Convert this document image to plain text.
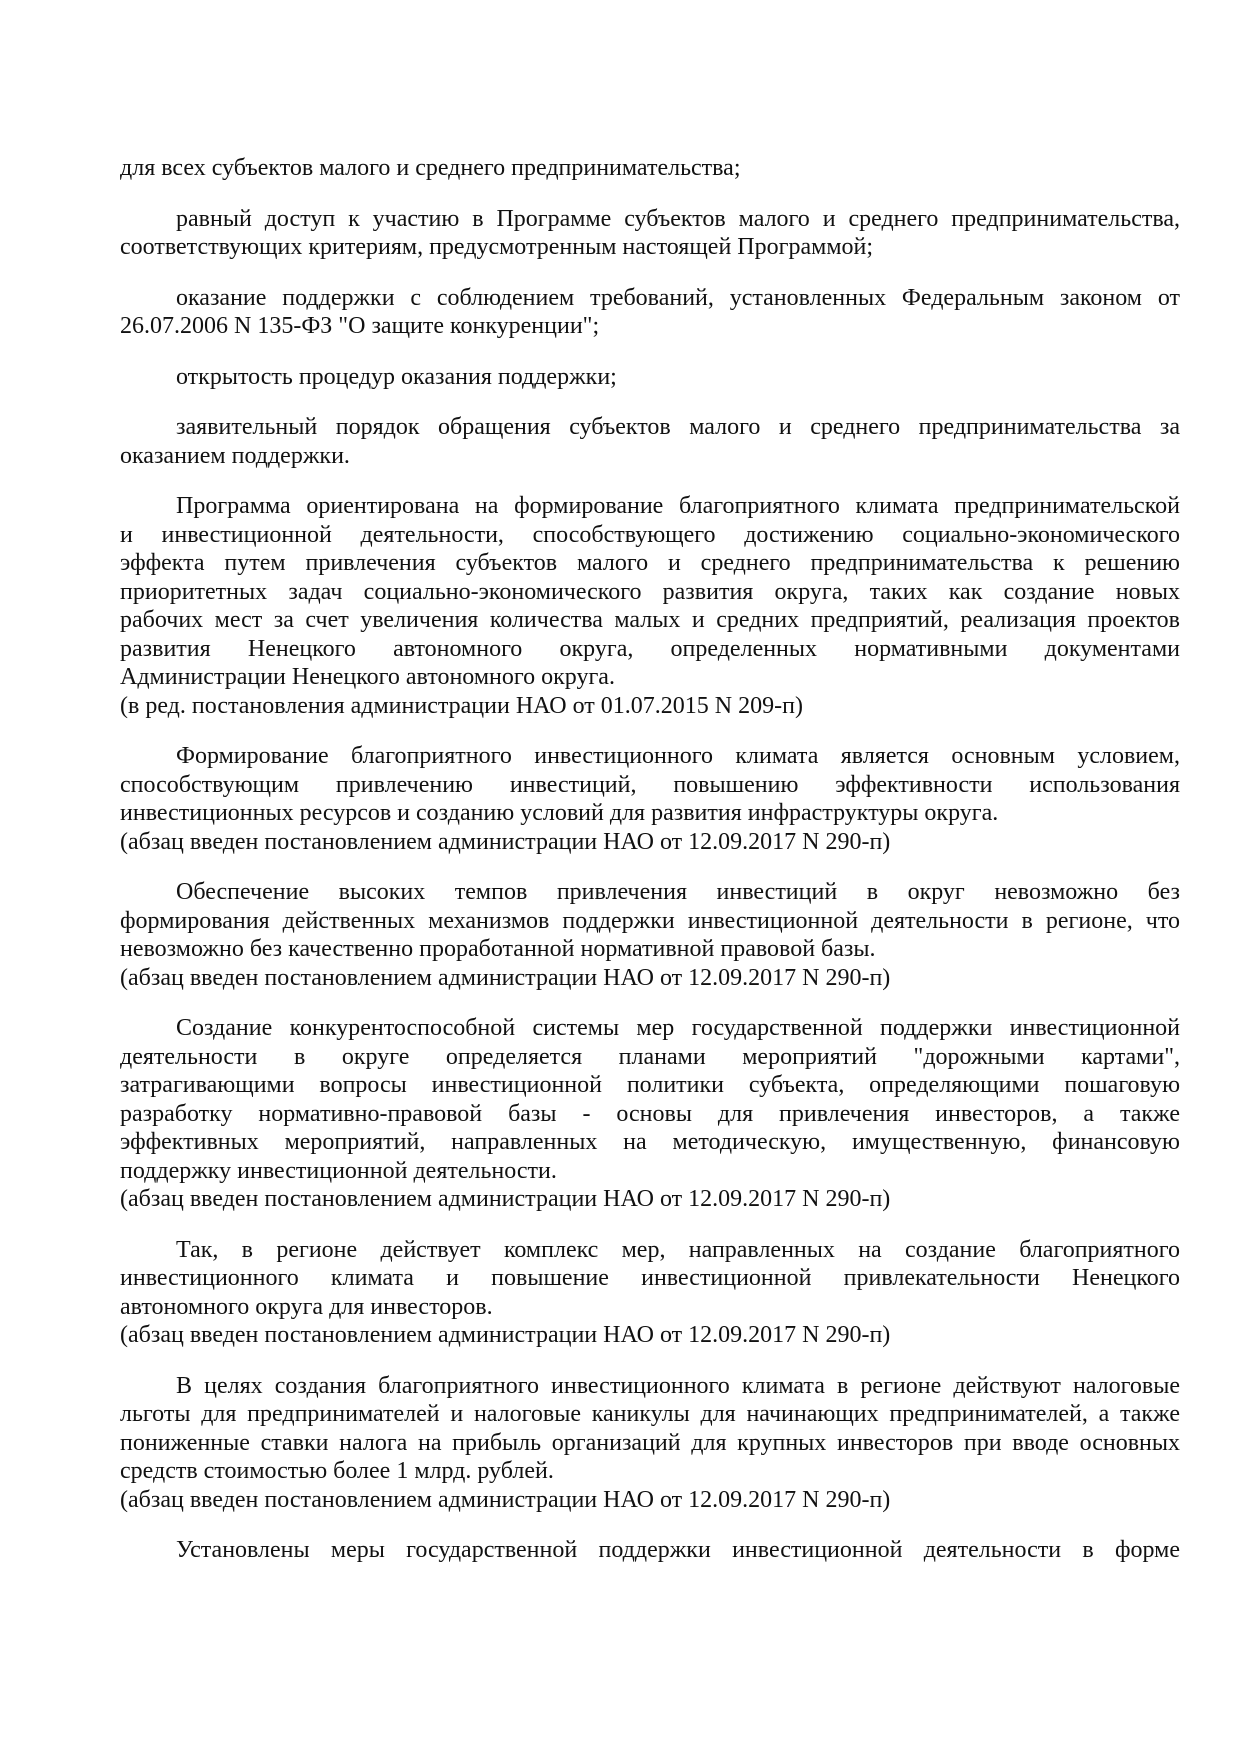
для всех субъектов малого и среднего предпринимательства;
равный доступ к участию в Программе субъектов малого и среднего предпринимательства,
соответствующих критериям, предусмотренным настоящей Программой;
оказание поддержки с соблюдением требований, установленных Федеральным законом от
26.07.2006 N 135-ФЗ "О защите конкуренции";
открытость процедур оказания поддержки;
заявительный порядок обращения субъектов малого и среднего предпринимательства за
оказанием поддержки.
Программа ориентирована на формирование благоприятного климата предпринимательской
и инвестиционной деятельности, способствующего достижению социально-экономического
эффекта путем привлечения субъектов малого и среднего предпринимательства к решению
приоритетных задач социально-экономического развития округа, таких как создание новых
рабочих мест за счет увеличения количества малых и средних предприятий, реализация проектов
развития Ненецкого автономного округа, определенных нормативными документами
Администрации Ненецкого автономного округа.
(в ред. постановления администрации НАО от 01.07.2015 N 209-п)
Формирование благоприятного инвестиционного климата является основным условием,
способствующим привлечению инвестиций, повышению эффективности использования
инвестиционных ресурсов и созданию условий для развития инфраструктуры округа.
(абзац введен постановлением администрации НАО от 12.09.2017 N 290-п)
Обеспечение высоких темпов привлечения инвестиций в округ невозможно без
формирования действенных механизмов поддержки инвестиционной деятельности в регионе, что
невозможно без качественно проработанной нормативной правовой базы.
(абзац введен постановлением администрации НАО от 12.09.2017 N 290-п)
Создание конкурентоспособной системы мер государственной поддержки инвестиционной
деятельности в округе определяется планами мероприятий "дорожными картами",
затрагивающими вопросы инвестиционной политики субъекта, определяющими пошаговую
разработку нормативно-правовой базы - основы для привлечения инвесторов, а также
эффективных мероприятий, направленных на методическую, имущественную, финансовую
поддержку инвестиционной деятельности.
(абзац введен постановлением администрации НАО от 12.09.2017 N 290-п)
Так, в регионе действует комплекс мер, направленных на создание благоприятного
инвестиционного климата и повышение инвестиционной привлекательности Ненецкого
автономного округа для инвесторов.
(абзац введен постановлением администрации НАО от 12.09.2017 N 290-п)
В целях создания благоприятного инвестиционного климата в регионе действуют налоговые
льготы для предпринимателей и налоговые каникулы для начинающих предпринимателей, а также
пониженные ставки налога на прибыль организаций для крупных инвесторов при вводе основных
средств стоимостью более 1 млрд. рублей.
(абзац введен постановлением администрации НАО от 12.09.2017 N 290-п)
Установлены меры государственной поддержки инвестиционной деятельности в форме
